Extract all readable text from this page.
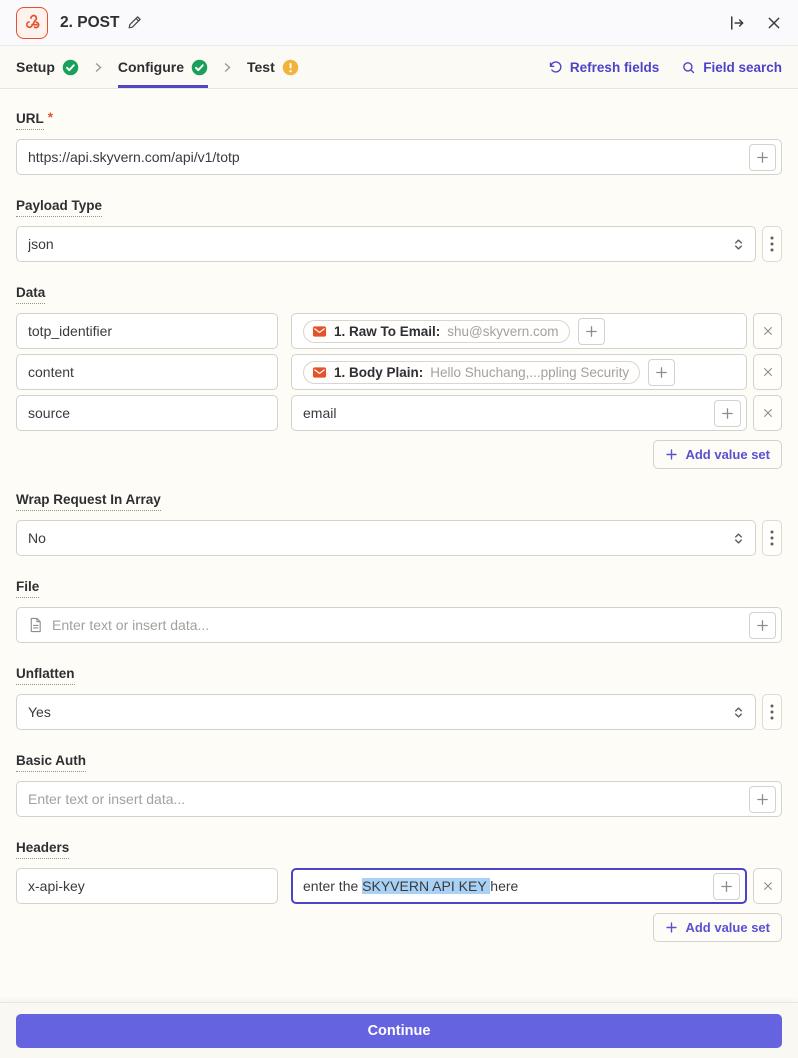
2. POST
Setup	Configure	Test	Refresh fields	Field search
URL *
https://api.skyvern.com/api/v1/totp
Payload Type
json
Data
totp_identifier	1. Raw To Email: shu@skyvern.com
content	1. Body Plain: Hello Shuchang,...ppling Security
source	email
Add value set
Wrap Request In Array
No
File
Enter text or insert data...
Unflatten
Yes
Basic Auth
Enter text or insert data...
Headers
x-api-key	enter the SKYVERN API KEY here
Add value set
Continue
